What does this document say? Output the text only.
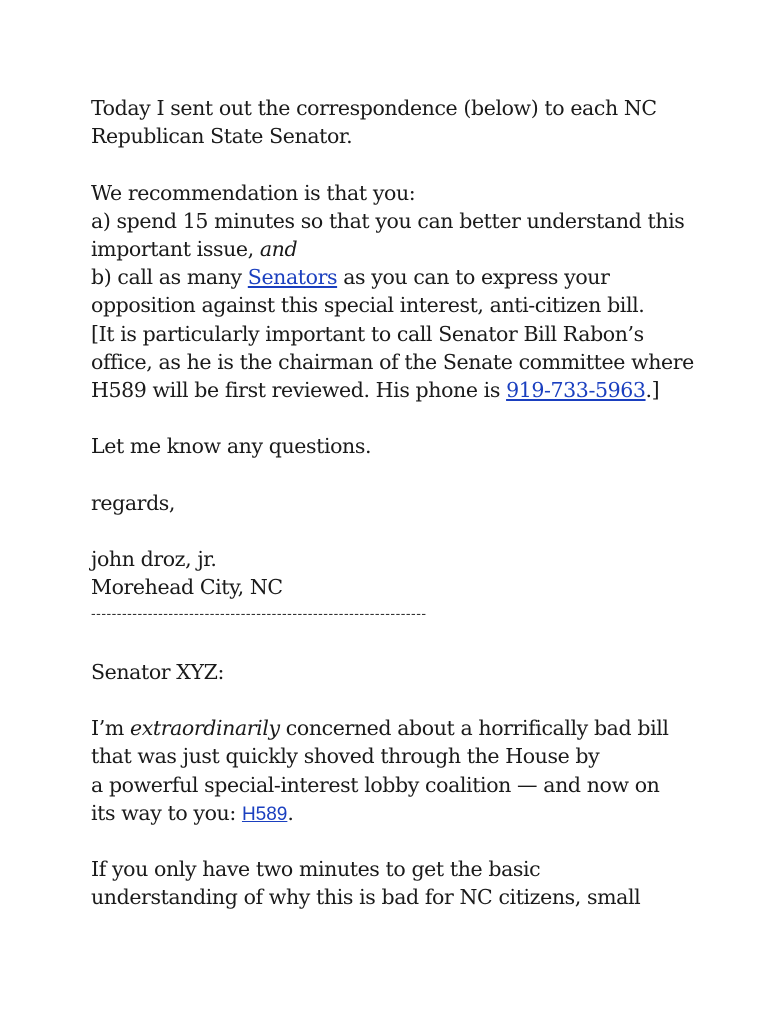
Today I sent out the correspondence (below) to each NC
Republican State Senator.
We recommendation is that you:
a) spend 15 minutes so that you can better understand this
important issue, and
b) call as many Senators as you can to express your
opposition against this special interest, anti-citizen bill.
[It is particularly important to call Senator Bill Rabon’s
office, as he is the chairman of the Senate committee where
H589 will be first reviewed. His phone is 919-733-5963.]
Let me know any questions.
regards,
john droz, jr.
Morehead City, NC
-----------------------------------------------------------------
Senator XYZ:
I’m extraordinarily concerned about a horrifically bad bill
that was just quickly shoved through the House by
a powerful special-interest lobby coalition — and now on
its way to you: H589.
If you only have two minutes to get the basic
understanding of why this is bad for NC citizens, small
